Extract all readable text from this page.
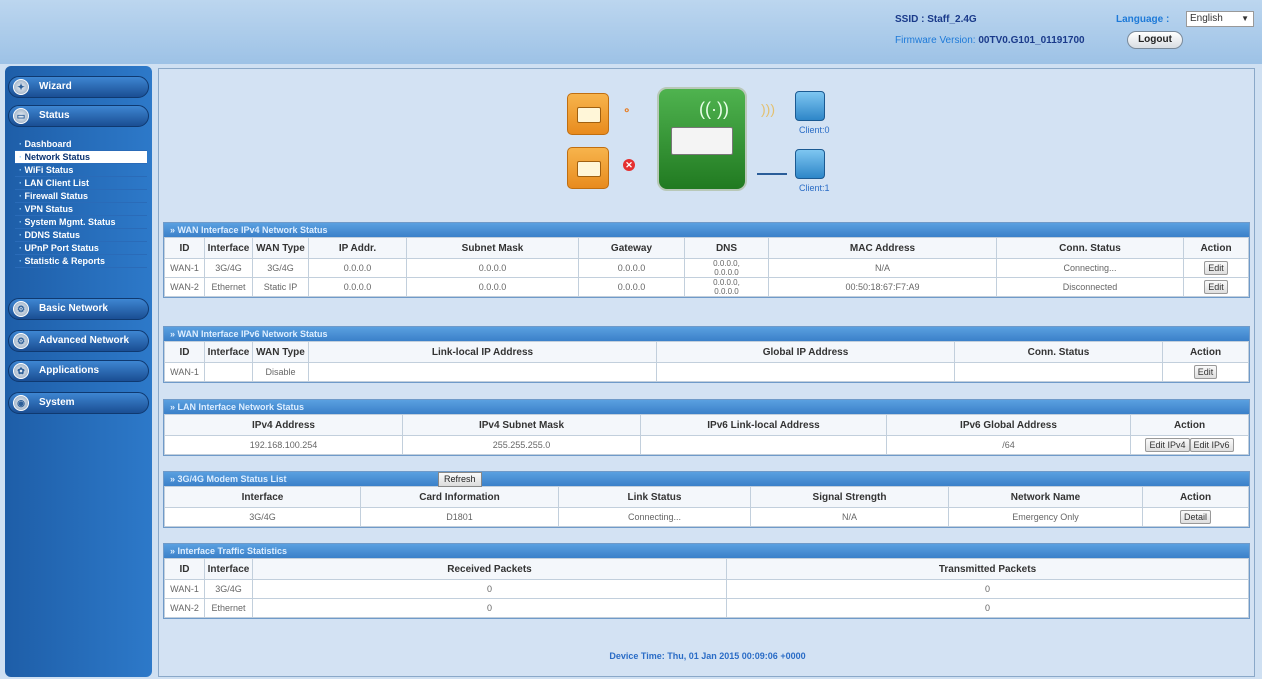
SSID : Staff_2.4G
Firmware Version: 00TV0.G101_01191700
Language :	English ▼
Logout
✦	Wizard
▭	Status
· Dashboard
· Network Status
· WiFi Status
· LAN Client List
· Firewall Status
· VPN Status
· System Mgmt. Status
· DDNS Status
· UPnP Port Status
· Statistic & Reports
⚙	Basic Network
⚙	Advanced Network
✿	Applications
◉	System
∘
✕
((·)) )))
Client:0
Client:1
» WAN Interface IPv4 Network Status
ID	Interface	WAN Type	IP Addr.	Subnet Mask	Gateway	DNS	MAC Address	Conn. Status	Action
WAN-1	3G/4G	3G/4G	0.0.0.0	0.0.0.0	0.0.0.0	0.0.0.0,
0.0.0.0	N/A	Connecting...	Edit
WAN-2	Ethernet	Static IP	0.0.0.0	0.0.0.0	0.0.0.0	0.0.0.0,
0.0.0.0	00:50:18:67:F7:A9	Disconnected	Edit
» WAN Interface IPv6 Network Status
ID	Interface	WAN Type	Link-local IP Address	Global IP Address	Conn. Status	Action
WAN-1		Disable				Edit
» LAN Interface Network Status
IPv4 Address	IPv4 Subnet Mask	IPv6 Link-local Address	IPv6 Global Address	Action
192.168.100.254	255.255.255.0		/64	Edit IPv4 Edit IPv6
» 3G/4G Modem Status List	Refresh
Interface	Card Information	Link Status	Signal Strength	Network Name	Action
3G/4G	D1801	Connecting...	N/A	Emergency Only	Detail
» Interface Traffic Statistics
ID	Interface	Received Packets	Transmitted Packets
WAN-1	3G/4G	0	0
WAN-2	Ethernet	0	0
Device Time: Thu, 01 Jan 2015 00:09:06 +0000
